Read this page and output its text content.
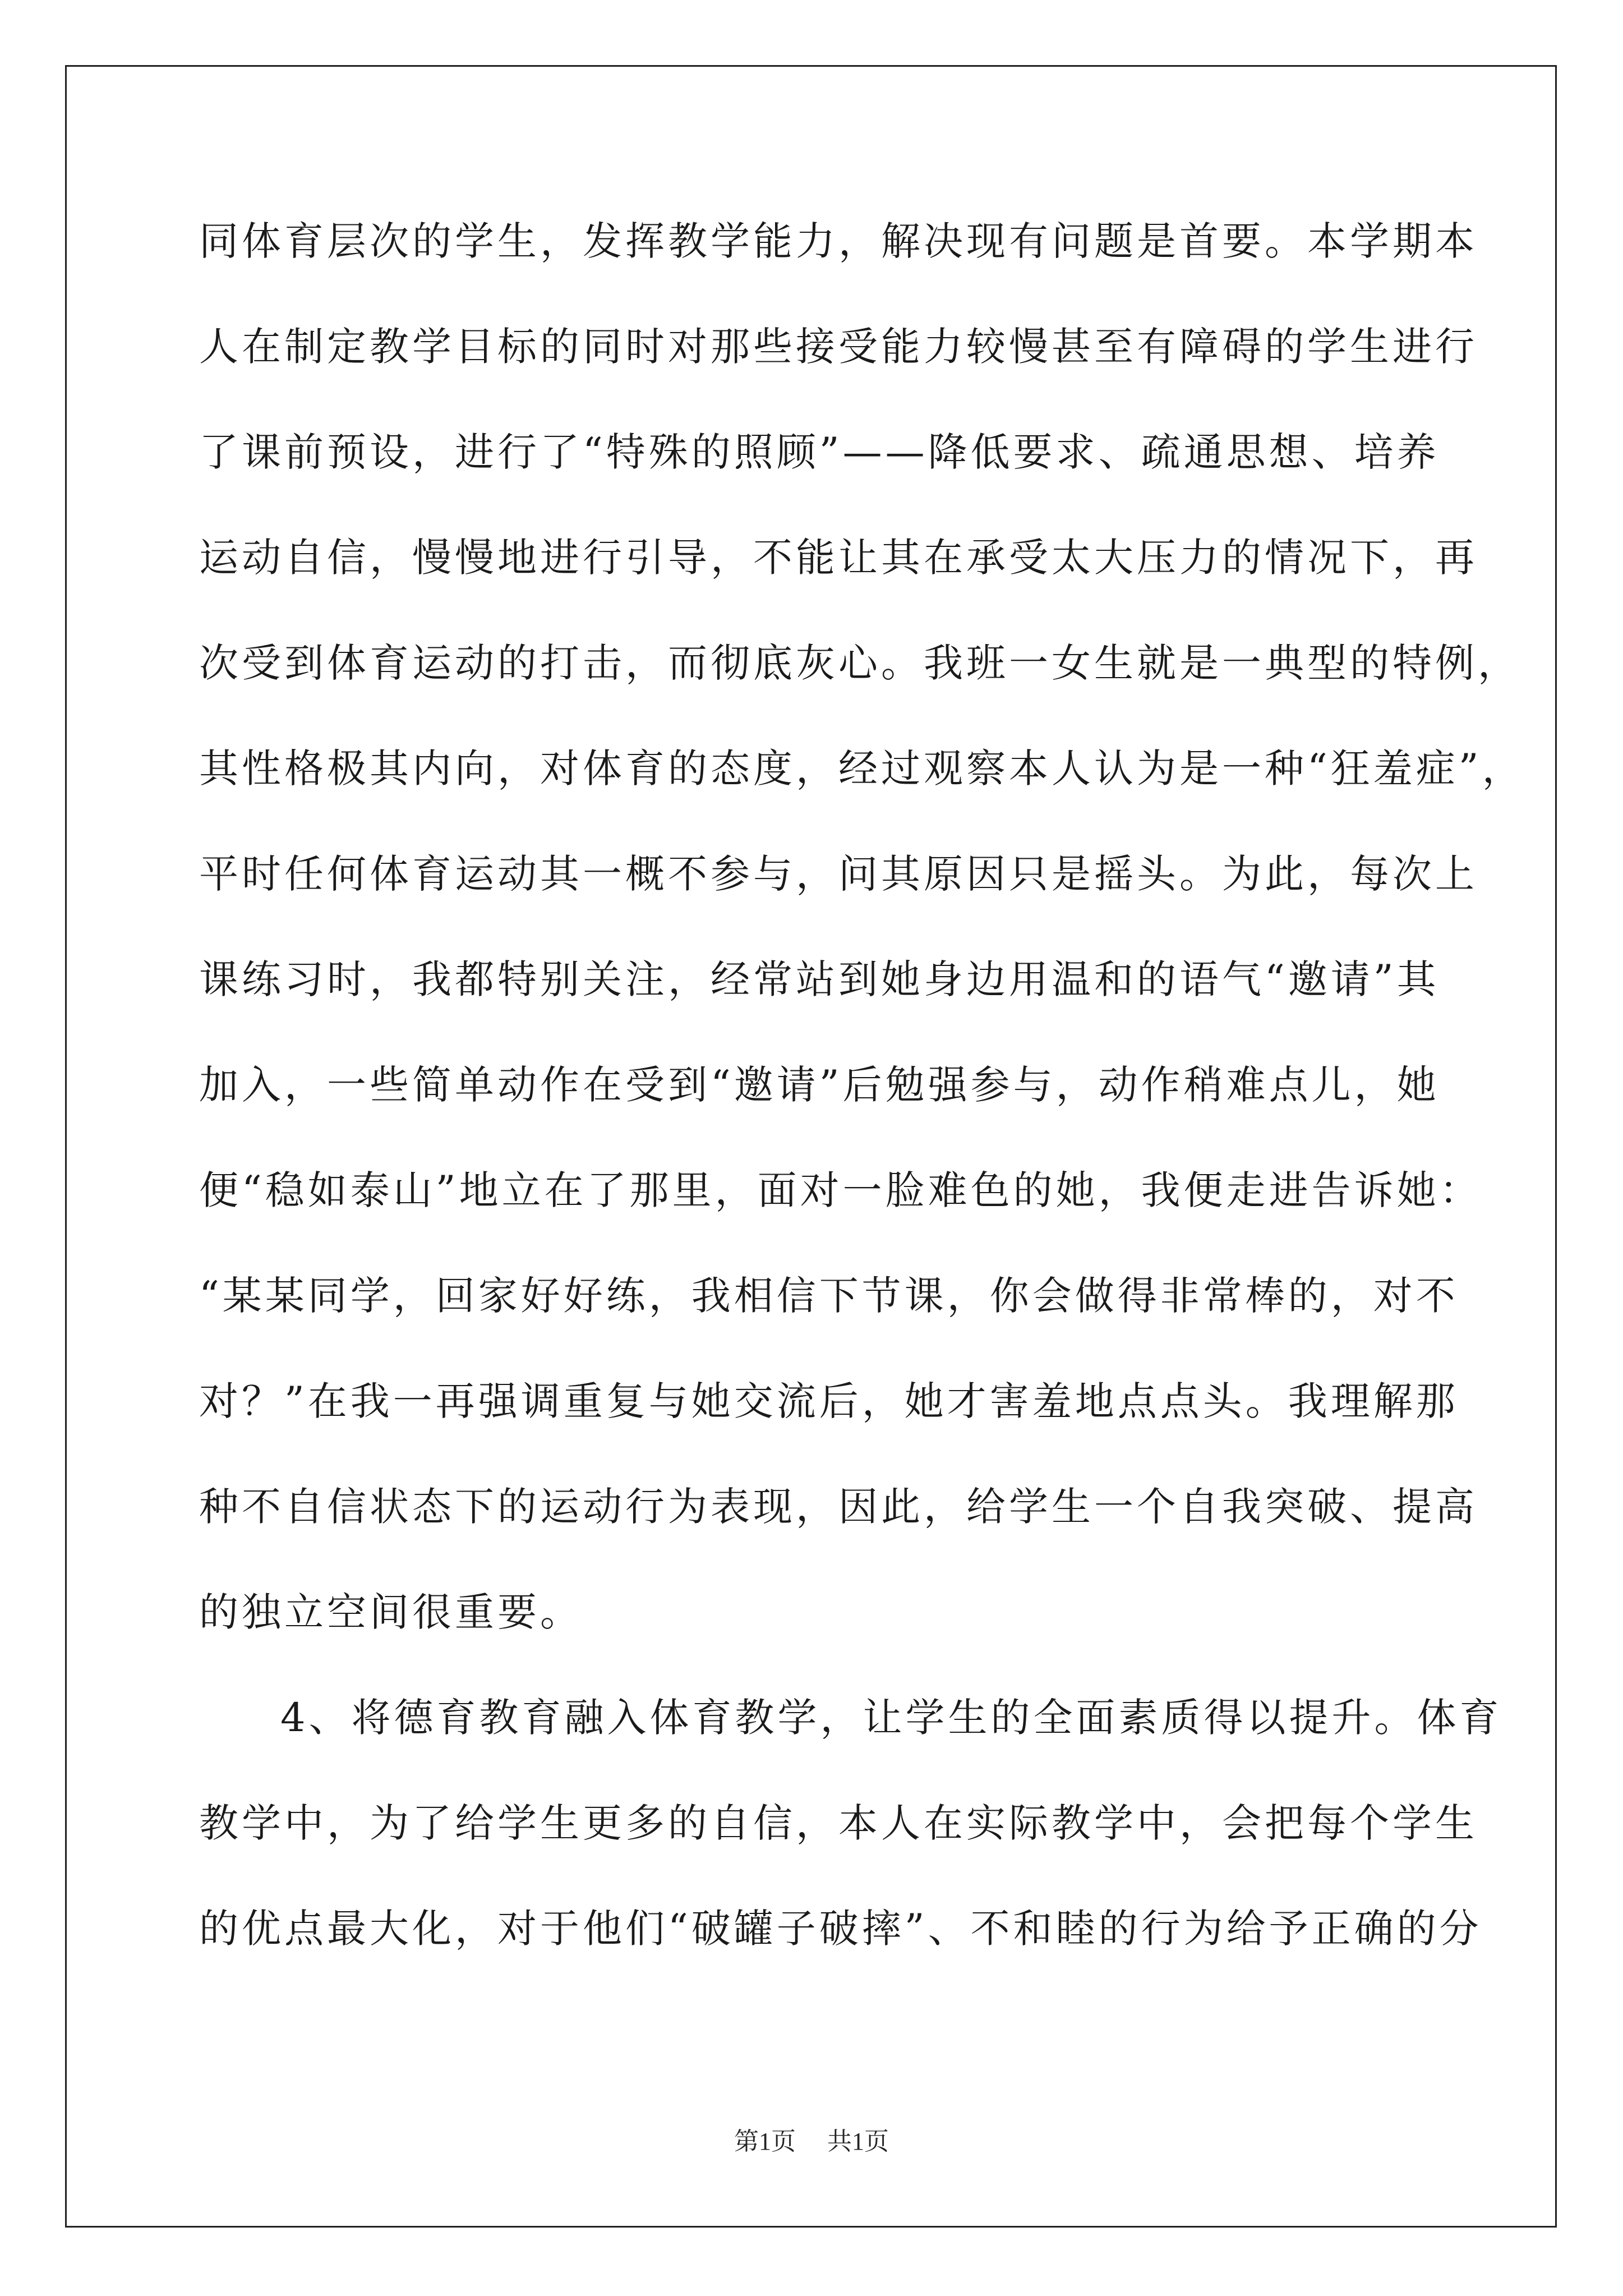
同体育层次的学生，发挥教学能力，解决现有问题是首要。本学期本
人在制定教学目标的同时对那些接受能力较慢甚至有障碍的学生进行
了课前预设，进行了“特殊的照顾”——降低要求、疏通思想、培养
运动自信，慢慢地进行引导，不能让其在承受太大压力的情况下，再
次受到体育运动的打击，而彻底灰心。我班一女生就是一典型的特例，
其性格极其内向，对体育的态度，经过观察本人认为是一种“狂羞症”，
平时任何体育运动其一概不参与，问其原因只是摇头。为此，每次上
课练习时，我都特别关注，经常站到她身边用温和的语气“邀请”其
加入，一些简单动作在受到“邀请”后勉强参与，动作稍难点儿，她
便“稳如泰山”地立在了那里，面对一脸难色的她，我便走进告诉她：
“某某同学，回家好好练，我相信下节课，你会做得非常棒的，对不
对？”在我一再强调重复与她交流后，她才害羞地点点头。我理解那
种不自信状态下的运动行为表现，因此，给学生一个自我突破、提高
的独立空间很重要。
4、将德育教育融入体育教学，让学生的全面素质得以提升。体育
教学中，为了给学生更多的自信，本人在实际教学中，会把每个学生
的优点最大化，对于他们“破罐子破摔”、不和睦的行为给予正确的分
第1页 共1页
